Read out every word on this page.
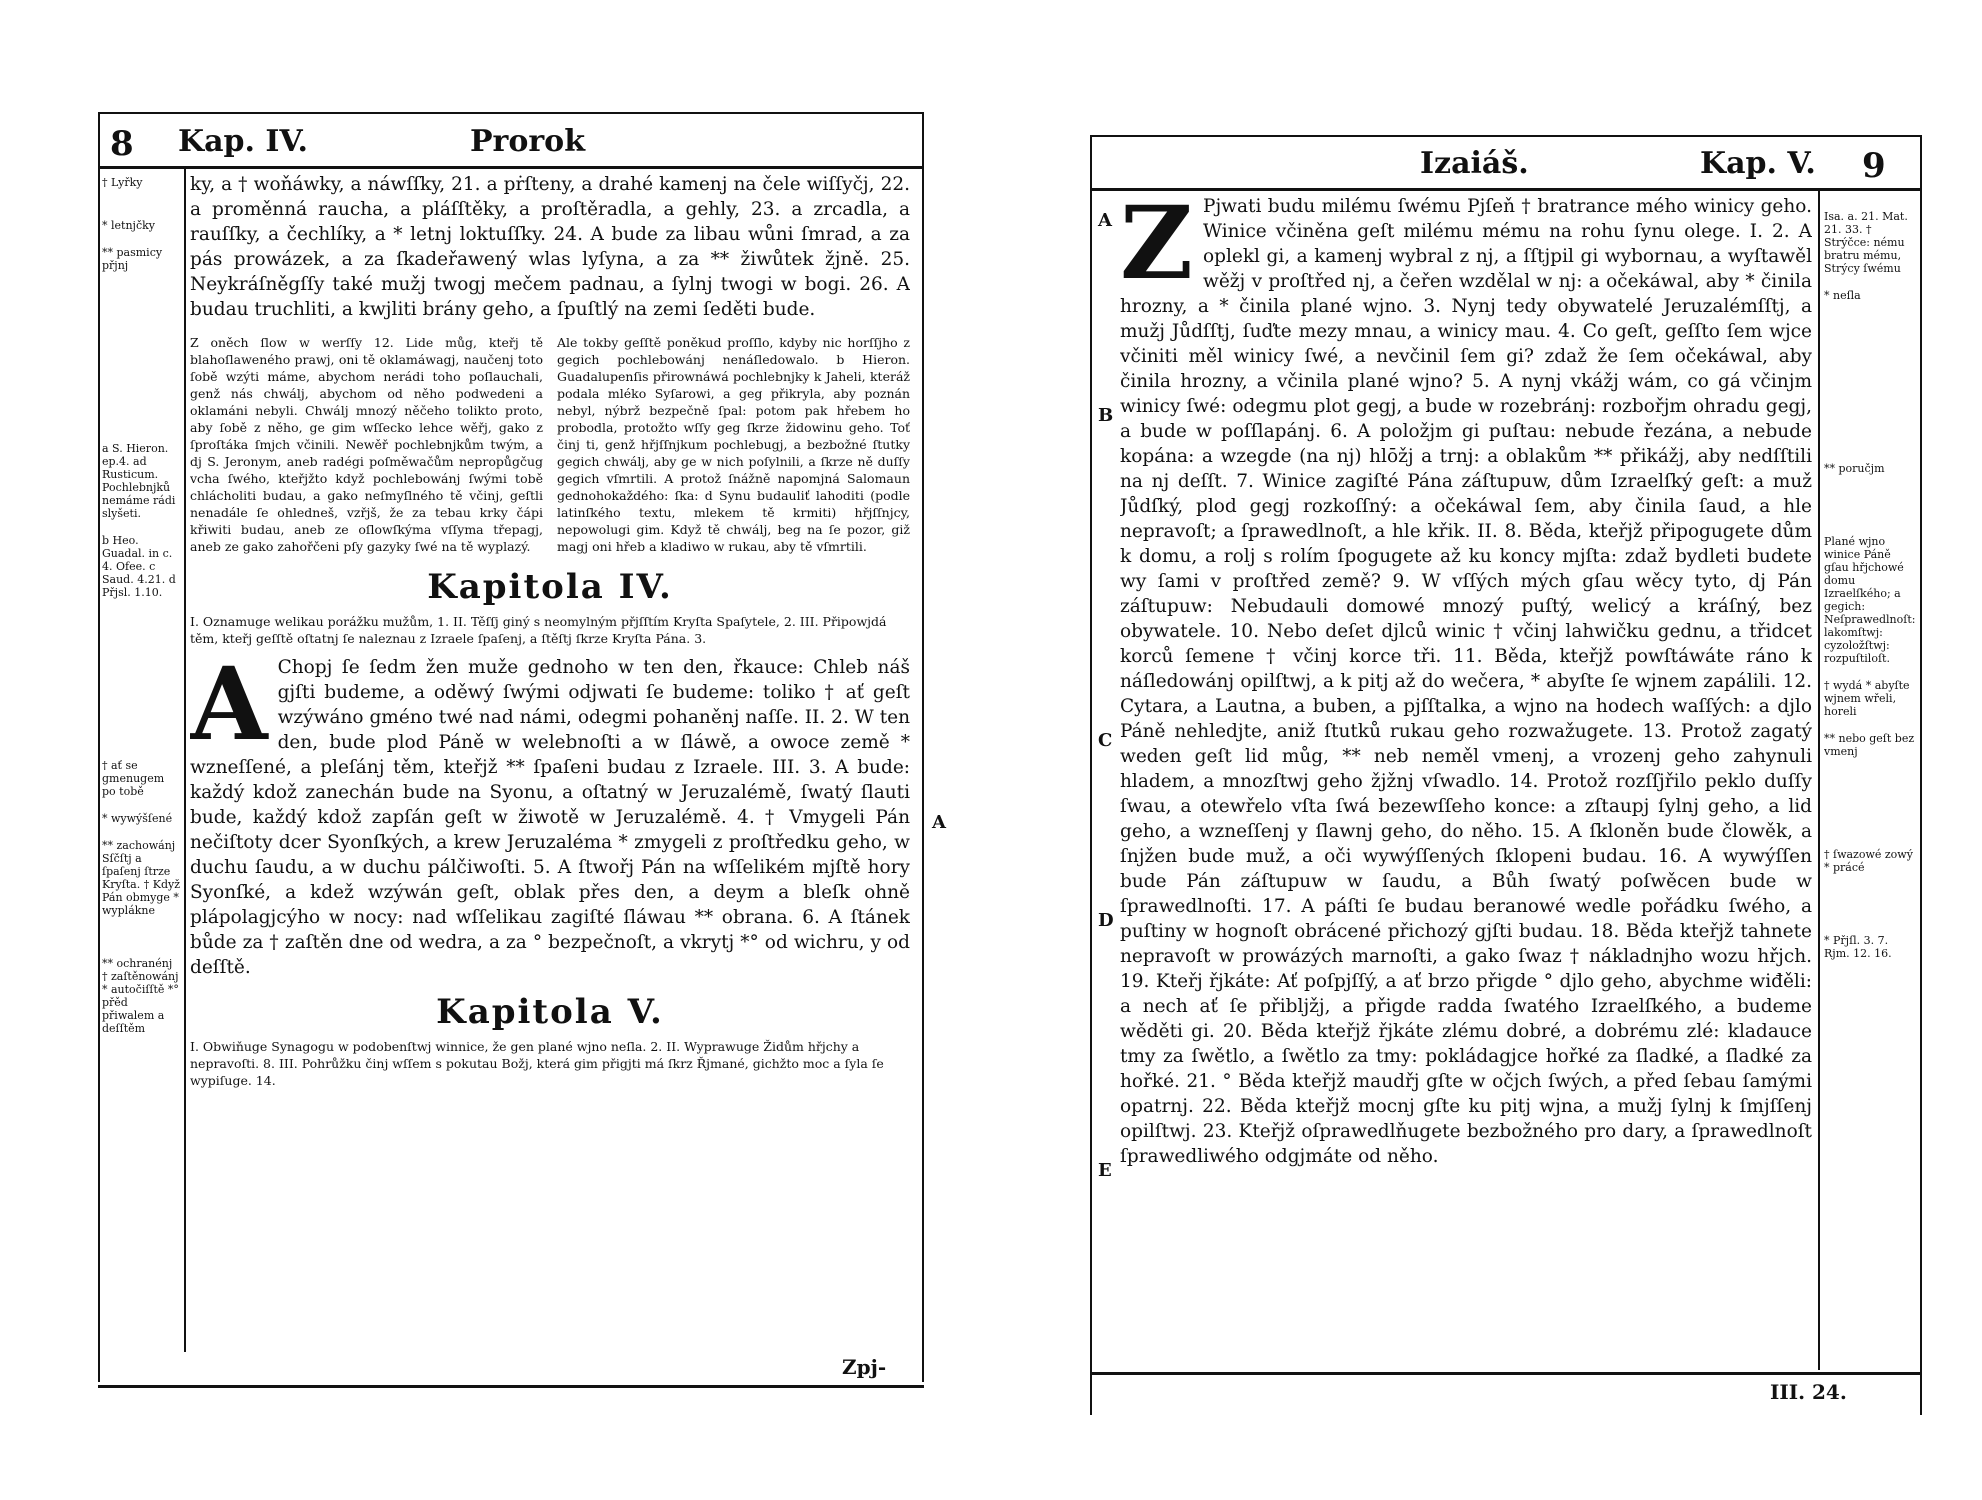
8 Kap. IV.	Prorok
† Lyřky
* letnjčky
** pasmicy přjnj
a S. Hieron. ep.4. ad Rusticum. Pochlebnjků nemáme rádi slyšeti.
b Heo. Guadal. in c. 4. Ofee. c Saud. 4.21. d Přjsl. 1.10.
† ať se gmenugem po tobě
* wywýšſené
** zachowánj Sſčſtj a ſpaſenj ſtrze Kryſta. † Když Pán obmyge * wyplákne
** ochranénj † zaſtěnowánj * autočiſſtě *° přěd přiwalem a deſſtěm
ky, a † woňáwky, a náwſſky, 21. a pṙſteny, a drahé kamenj na čele wiſſyčj, 22. a proměnná raucha, a pláſſtěky, a proſtěradla, a gehly, 23. a zrcadla, a rauſſky, a čechlíky, a * letnj loktuſſky. 24. A bude za libau wůni ſmrad, a za pás prowázek, a za ſkadeřawený wlas lyſyna, a za ** žiwůtek žjně. 25. Neykráſněgſſy také mužj twogj mečem padnau, a ſylnj twogi w bogi. 26. A budau truchliti, a kwjliti brány geho, a ſpuſtlý na zemi ſeděti bude.
Z oněch ſlow w werſſy 12. Lide můg, kteřj tě blahoſlaweného prawj, oni tě oklamáwagj, naučenj toto ſobě wzýti máme, abychom nerádi toho poſlauchali, genž nás chwálj, abychom od něho podwedeni a oklamáni nebyli. Chwálj mnozý něčeho tolikto proto, aby ſobě z něho, ge gim wſſecko lehce wěřj, gako z ſproſtáka ſmjch včinili. Newěř pochlebnjkům twým, a dj S. Jeronym, aneb radégi poſměwačům nepropůgčug vcha ſwého, kteřjžto když pochlebowánj ſwými tobě chlácholiti budau, a gako neſmyſlného tě včinj, geſtli nenadále ſe ohledneš, vzřjš, že za tebau krky čápi křiwiti budau, aneb ze oſlowſkýma vſſyma třepagj, aneb ze gako zahořčeni pſy gazyky ſwé na tě wyplazý.
Ale tokby geſſtě poněkud proſſlo, kdyby nic horſſjho z gegich pochlebowánj nenáſledowalo. b Hieron. Guadalupenſis přirownáwá pochlebnjky k Jaheli, kteráž podala mléko Syſarowi, a geg přikryla, aby poznán nebyl, nýbrž bezpečně ſpal: potom pak hřebem ho probodla, protožto wſſy geg ſkrze židowinu geho. Toť činj ti, genž hřjſſnjkum pochlebugj, a bezbožné ſtutky gegich chwálj, aby ge w nich poſylnili, a ſkrze ně duſſy gegich vſmrtili. A protož ſnážně napomjná Salomaun gednohokaždého: ſka: d Synu budauliť lahoditi (podle latinſkého textu, mlekem tě krmiti) hřjſſnjcy, nepowolugi gim. Když tě chwálj, beg na ſe pozor, giž magj oni hřeb a kladiwo w rukau, aby tě vſmrtili.
Kapitola IV.
I. Oznamuge welikau porážku mužům, 1. II. Těſſj giný s neomylným přjſſtím Kryſta Spaſytele, 2. III. Připowjdá těm, kteřj geſſtě oſtatnj ſe naleznau z Izraele ſpaſenj, a ſtěſtj ſkrze Kryſta Pána. 3.
A Chopj ſe ſedm žen muže gednoho w ten den, řkauce: Chleb náš gjſti budeme, a oděwý ſwými odjwati ſe budeme: toliko † ať geſt wzýwáno gméno twé nad námi, odegmi pohaněnj naſſe. II. 2. W ten den, bude plod Páně w welebnoſti a w ſláwě, a owoce země * wzneſſené, a pleſánj těm, kteřjž ** ſpaſeni budau z Izraele. III. 3. A bude: každý kdož zanechán bude na Syonu, a oſtatný w Jeruzalémě, ſwatý ſlauti bude, každý kdož zapſán geſt w žiwotě w Jeruzalémě. 4. † Vmygeli Pán nečiſtoty dcer Syonſkých, a krew Jeruzaléma * zmygeli z proſtředku geho, w duchu ſaudu, a w duchu pálčiwoſti. 5. A ſtwořj Pán na wſſelikém mjſtě hory Syonſké, a kdež wzýwán geſt, oblak přes den, a deym a bleſk ohně plápolagjcýho w nocy: nad wſſelikau zagiſté ſláwau ** obrana. 6. A ſtánek bůde za † zaſtěn dne od wedra, a za ° bezpečnoſt, a vkrytj *° od wichru, y od deſſtě.
Kapitola V.
I. Obwiňuge Synagogu w podobenſtwj winnice, že gen plané wjno neſla. 2. II. Wyprawuge Židům hřjchy a nepravoſti. 8. III. Pohrůžku činj wſſem s pokutau Božj, která gim přigjti má ſkrz Řjmané, gichžto moc a ſyla ſe wypiſuge. 14.
A
Zpj-
Izaiáš.	Kap. V. 9
A
B
C
D
E
Z Pjwati budu milému ſwému Pjſeň † bratrance mého winicy geho. Winice včiněna geſt milému mému na rohu ſynu olege. I. 2. A oplekl gi, a kamenj wybral z nj, a ſſtjpil gi wybornau, a wyſtawěl wěžj v proſtřed nj, a čeřen wzdělal w nj: a očekáwal, aby * činila hrozny, a * činila plané wjno. 3. Nynj tedy obywatelé Jeruzalémſſtj, a mužj Jůdſſtj, ſuďte mezy mnau, a winicy mau. 4. Co geſt, geſſto ſem wjce včiniti měl winicy ſwé, a nevčinil ſem gi? zdaž že ſem očekáwal, aby činila hrozny, a včinila plané wjno? 5. A nynj vkážj wám, co gá včinjm winicy ſwé: odegmu plot gegj, a bude w rozebránj: rozbořjm ohradu gegj, a bude w poſſlapánj. 6. A položjm gi puſtau: nebude řezána, a nebude kopána: a wzegde (na nj) hlōžj a trnj: a oblakům ** přikážj, aby nedſſtili na nj deſſt. 7. Winice zagiſté Pána záſtupuw, dům Izraelſký geſt: a muž Jůdſký, plod gegj rozkoſſný: a očekáwal ſem, aby činila ſaud, a hle nepravoſt; a ſprawedlnoſt, a hle křik. II. 8. Běda, kteřjž připogugete dům k domu, a rolj s rolím ſpogugete až ku koncy mjſta: zdaž bydleti budete wy ſami v proſtřed země? 9. W vſſých mých gſau wěcy tyto, dj Pán záſtupuw: Nebudauli domowé mnozý puſtý, welicý a kráſný, bez obywatele. 10. Nebo deſet djlců winic † včinj lahwičku gednu, a třidcet korců ſemene † včinj korce tři. 11. Běda, kteřjž powſtáwáte ráno k náſledowánj opilſtwj, a k pitj až do wečera, * abyſte ſe wjnem zapálili. 12. Cytara, a Lautna, a buben, a pjſſtalka, a wjno na hodech waſſých: a djlo Páně nehledjte, aniž ſtutků rukau geho rozwažugete. 13. Protož zagatý weden geſt lid můg, ** neb neměl vmenj, a vrozenj geho zahynuli hladem, a mnozſtwj geho žjžnj vſwadlo. 14. Protož rozſſjřilo peklo duſſy ſwau, a otewřelo vſta ſwá bezewſſeho konce: a zſtaupj ſylnj geho, a lid geho, a wzneſſenj y ſlawnj geho, do něho. 15. A ſkloněn bude člowěk, a ſnjžen bude muž, a oči wywýſſených ſklopeni budau. 16. A wywýſſen bude Pán záſtupuw w ſaudu, a Bůh ſwatý poſwěcen bude w ſprawedlnoſti. 17. A páſti ſe budau beranowé wedle pořádku ſwého, a puſtiny w hognoſt obrácené přichozý gjſti budau. 18. Běda kteřjž tahnete nepravoſt w prowázých marnoſti, a gako ſwaz † nákladnjho wozu hřjch. 19. Kteřj řjkáte: Ať poſpjſſý, a ať brzo přigde ° djlo geho, abychme wiđěli: a nech ať ſe přibljžj, a přigde radda ſwatého Izraelſkého, a budeme wěděti gi. 20. Běda kteřjž řjkáte zlému dobré, a dobrému zlé: kladauce tmy za ſwětlo, a ſwětlo za tmy: pokládagjce hořké za ſladké, a ſladké za hořké. 21. ° Běda kteřjž maudřj gſte w očjch ſwých, a před ſebau ſamými opatrnj. 22. Běda kteřjž mocnj gſte ku pitj wjna, a mužj ſylnj k ſmjſſenj opilſtwj. 23. Kteřjž oſprawedlňugete bezbožného pro dary, a ſprawedlnoſt ſprawedliwého odgjmáte od něho.
Isa. a. 21. Mat. 21. 33. † Strýčce: nému bratru mému, Strýcy ſwému
* neſla
** poručjm
Plané wjno winice Páně gſau hřjchowé domu Izraelſkého; a gegich: Neſprawedlnoſt: lakomſtwj: cyzoložſtwj: rozpuſtiloſt.
† wydá * abyſte wjnem wřeli, horeli
** nebo geſt bez vmenj
† ſwazowé zowý * prácé
* Přjſl. 3. 7. Rjm. 12. 16.
III. 24.
